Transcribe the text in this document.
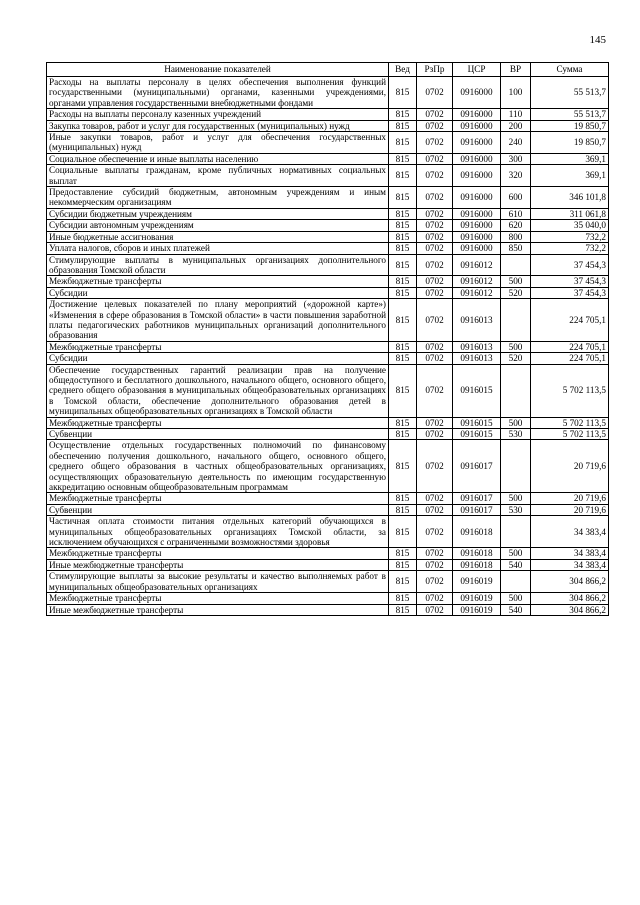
145
Наименование показателей	Вед	РзПр	ЦСР	ВР	Сумма
Расходы на выплаты персоналу в целях обеспечения выполнения функций государственными (муниципальными) органами, казенными учреждениями, органами управления государственными внебюджетными фондами	815	0702	0916000	100	55 513,7
Расходы на выплаты персоналу казенных учреждений	815	0702	0916000	110	55 513,7
Закупка товаров, работ и услуг для государственных (муниципальных) нужд	815	0702	0916000	200	19 850,7
Иные закупки товаров, работ и услуг для обеспечения государственных (муниципальных) нужд	815	0702	0916000	240	19 850,7
Социальное обеспечение и иные выплаты населению	815	0702	0916000	300	369,1
Социальные выплаты гражданам, кроме публичных нормативных социальных выплат	815	0702	0916000	320	369,1
Предоставление субсидий бюджетным, автономным учреждениям и иным некоммерческим организациям	815	0702	0916000	600	346 101,8
Субсидии бюджетным учреждениям	815	0702	0916000	610	311 061,8
Субсидии автономным учреждениям	815	0702	0916000	620	35 040,0
Иные бюджетные ассигнования	815	0702	0916000	800	732,2
Уплата налогов, сборов и иных платежей	815	0702	0916000	850	732,2
Стимулирующие выплаты в муниципальных организациях дополнительного образования Томской области	815	0702	0916012		37 454,3
Межбюджетные трансферты	815	0702	0916012	500	37 454,3
Субсидии	815	0702	0916012	520	37 454,3
Достижение целевых показателей по плану мероприятий («дорожной карте») «Изменения в сфере образования в Томской области» в части повышения заработной платы педагогических работников муниципальных организаций дополнительного образования	815	0702	0916013		224 705,1
Межбюджетные трансферты	815	0702	0916013	500	224 705,1
Субсидии	815	0702	0916013	520	224 705,1
Обеспечение государственных гарантий реализации прав на получение общедоступного и бесплатного дошкольного, начального общего, основного общего, среднего общего образования в муниципальных общеобразовательных организациях в Томской области, обеспечение дополнительного образования детей в муниципальных общеобразовательных организациях в Томской области	815	0702	0916015		5 702 113,5
Межбюджетные трансферты	815	0702	0916015	500	5 702 113,5
Субвенции	815	0702	0916015	530	5 702 113,5
Осуществление отдельных государственных полномочий по финансовому обеспечению получения дошкольного, начального общего, основного общего, среднего общего образования в частных общеобразовательных организациях, осуществляющих образовательную деятельность по имеющим государственную аккредитацию основным общеобразовательным программам	815	0702	0916017		20 719,6
Межбюджетные трансферты	815	0702	0916017	500	20 719,6
Субвенции	815	0702	0916017	530	20 719,6
Частичная оплата стоимости питания отдельных категорий обучающихся в муниципальных общеобразовательных организациях Томской области, за исключением обучающихся с ограниченными возможностями здоровья	815	0702	0916018		34 383,4
Межбюджетные трансферты	815	0702	0916018	500	34 383,4
Иные межбюджетные трансферты	815	0702	0916018	540	34 383,4
Стимулирующие выплаты за высокие результаты и качество выполняемых работ в муниципальных общеобразовательных организациях	815	0702	0916019		304 866,2
Межбюджетные трансферты	815	0702	0916019	500	304 866,2
Иные межбюджетные трансферты	815	0702	0916019	540	304 866,2
